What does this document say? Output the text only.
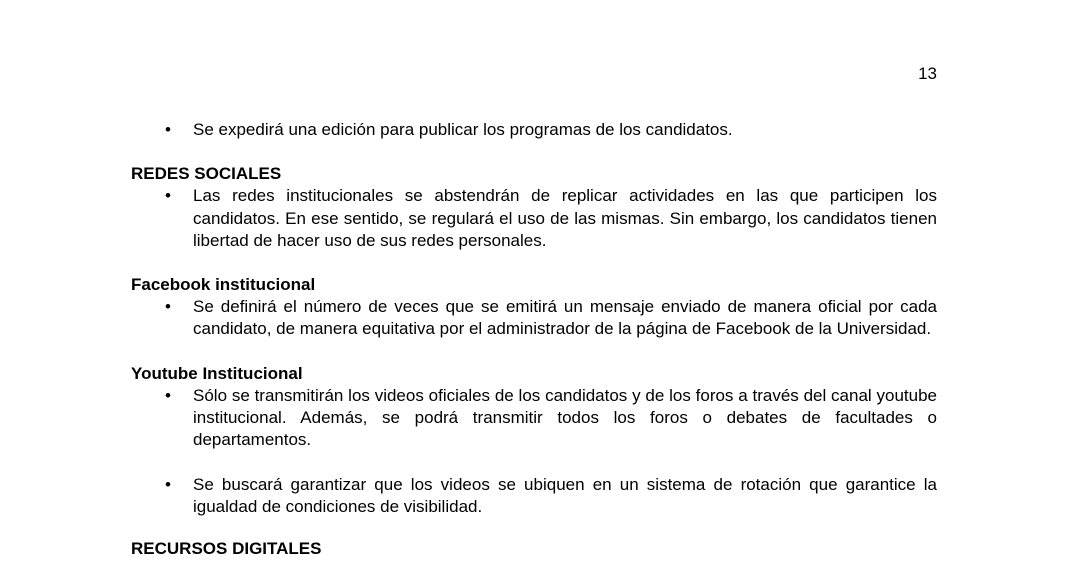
13
• Se expedirá una edición para publicar los programas de los candidatos.
REDES SOCIALES
• Las redes institucionales se abstendrán de replicar actividades en las que participen los candidatos. En ese sentido, se regulará el uso de las mismas. Sin embargo, los candidatos tienen libertad de hacer uso de sus redes personales.
Facebook institucional
• Se definirá el número de veces que se emitirá un mensaje enviado de manera oficial por cada candidato, de manera equitativa por el administrador de la página de Facebook de la Universidad.
Youtube Institucional
• Sólo se transmitirán los videos oficiales de los candidatos y de los foros a través del canal youtube institucional. Además, se podrá transmitir todos los foros o debates de facultades o departamentos.
• Se buscará garantizar que los videos se ubiquen en un sistema de rotación que garantice la igualdad de condiciones de visibilidad.
RECURSOS DIGITALES
